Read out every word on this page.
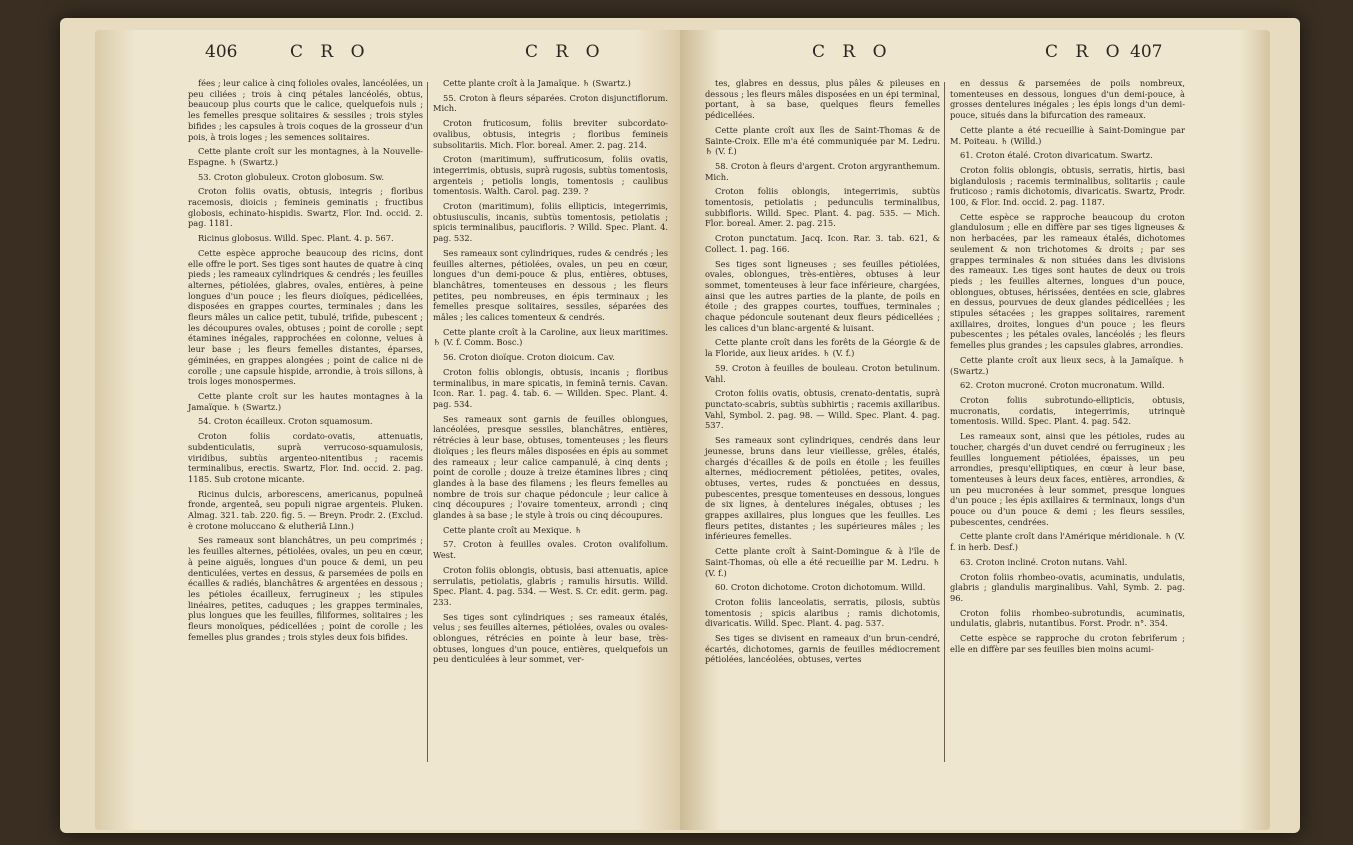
406	C R O	C R O	C R O	C R O 407

fées ; leur calice à cinq folioles ovales, lancéolées, un peu ciliées ; trois à cinq pétales lancéolés, obtus, beaucoup plus courts que le calice, quelquefois nuls ; les femelles presque solitaires & sessiles ; trois styles bifides ; les capsules à trois coques de la grosseur d'un pois, à trois loges ; les semences solitaires.

Cette plante croît sur les montagnes, à la Nouvelle-Espagne. ♄ (Swartz.)

53. Croton globuleux. Croton globosum. Sw.

Croton foliis ovatis, obtusis, integris ; floribus racemosis, dioicis ; femineis geminatis ; fructibus globosis, echinato-hispidis. Swartz, Flor. Ind. occid. 2. pag. 1181.

Ricinus globosus. Willd. Spec. Plant. 4. p. 567.

Cette espèce approche beaucoup des ricins, dont elle offre le port. Ses tiges sont hautes de quatre à cinq pieds ; les rameaux cylindriques & cendrés ; les feuilles alternes, pétiolées, glabres, ovales, entières, à peine longues d'un pouce ; les fleurs dioïques, pédicellées, disposées en grappes courtes, terminales ; dans les fleurs mâles un calice petit, tubulé, trifide, pubescent ; les découpures ovales, obtuses ; point de corolle ; sept étamines inégales, rapprochées en colonne, velues à leur base ; les fleurs femelles distantes, éparses, géminées, en grappes alongées ; point de calice ni de corolle ; une capsule hispide, arrondie, à trois sillons, à trois loges monospermes.

Cette plante croît sur les hautes montagnes à la Jamaïque. ♄ (Swartz.)

54. Croton écailleux. Croton squamosum.

Croton foliis cordato-ovatis, attenuatis, subdenticulatis, suprà verrucoso-squamulosis, viridibus, subtùs argenteo-nitentibus ; racemis terminalibus, erectis. Swartz, Flor. Ind. occid. 2. pag. 1185. Sub crotone micante.

Ricinus dulcis, arborescens, americanus, populneâ fronde, argenteâ, seu populi nigrae argenteis. Pluken. Almag. 321. tab. 220. fig. 5. — Breyn. Prodr. 2. (Exclud. è crotone moluccano & elutheriâ Linn.)

Ses rameaux sont blanchâtres, un peu comprimés ; les feuilles alternes, pétiolées, ovales, un peu en cœur, à peine aiguës, longues d'un pouce & demi, un peu denticulées, vertes en dessus, & parsemées de poils en écailles & radiés, blanchâtres & argentées en dessous ; les pétioles écailleux, ferrugineux ; les stipules linéaires, petites, caduques ; les grappes terminales, plus longues que les feuilles, filiformes, solitaires ; les fleurs monoïques, pédicellées ; point de corolle ; les femelles plus grandes ; trois styles deux fois bifides.

Cette plante croît à la Jamaïque. ♄ (Swartz.)

55. Croton à fleurs séparées. Croton disjunctiflorum. Mich.

Croton fruticosum, foliis breviter subcordato-ovalibus, obtusis, integris ; floribus femineis subsolitariis. Mich. Flor. boreal. Amer. 2. pag. 214.

Croton (maritimum), suffruticosum, foliis ovatis, integerrimis, obtusis, suprà rugosis, subtùs tomentosis, argenteis ; petiolis longis, tomentosis ; caulibus tomentosis. Walth. Carol. pag. 239. ?

Croton (maritimum), foliis ellipticis, integerrimis, obtusiusculis, incanis, subtùs tomentosis, petiolatis ; spicis terminalibus, paucifloris. ? Willd. Spec. Plant. 4. pag. 532.

Ses rameaux sont cylindriques, rudes & cendrés ; les feuilles alternes, pétiolées, ovales, un peu en cœur, longues d'un demi-pouce & plus, entières, obtuses, blanchâtres, tomenteuses en dessous ; les fleurs petites, peu nombreuses, en épis terminaux ; les femelles presque solitaires, sessiles, séparées des mâles ; les calices tomenteux & cendrés.

Cette plante croît à la Caroline, aux lieux maritimes. ♄ (V. f. Comm. Bosc.)

56. Croton dioïque. Croton dioicum. Cav.

Croton foliis oblongis, obtusis, incanis ; floribus terminalibus, in mare spicatis, in feminâ ternis. Cavan. Icon. Rar. 1. pag. 4. tab. 6. — Willden. Spec. Plant. 4. pag. 534.

Ses rameaux sont garnis de feuilles oblongues, lancéolées, presque sessiles, blanchâtres, entières, rétrécies à leur base, obtuses, tomenteuses ; les fleurs dioïques ; les fleurs mâles disposées en épis au sommet des rameaux ; leur calice campanulé, à cinq dents ; point de corolle ; douze à treize étamines libres ; cinq glandes à la base des filamens ; les fleurs femelles au nombre de trois sur chaque pédoncule ; leur calice à cinq découpures ; l'ovaire tomenteux, arrondi ; cinq glandes à sa base ; le style à trois ou cinq découpures.

Cette plante croît au Mexique. ♄

57. Croton à feuilles ovales. Croton ovalifolium. West.

Croton foliis oblongis, obtusis, basi attenuatis, apice serrulatis, petiolatis, glabris ; ramulis hirsutis. Willd. Spec. Plant. 4. pag. 534. — West. S. Cr. edit. germ. pag. 233.

Ses tiges sont cylindriques ; ses rameaux étalés, velus ; ses feuilles alternes, pétiolées, ovales ou ovales-oblongues, rétrécies en pointe à leur base, très-obtuses, longues d'un pouce, entières, quelquefois un peu denticulées à leur sommet, ver-

tes, glabres en dessus, plus pâles & pileuses en dessous ; les fleurs mâles disposées en un épi terminal, portant, à sa base, quelques fleurs femelles pédicellées.

Cette plante croît aux îles de Saint-Thomas & de Sainte-Croix. Elle m'a été communiquée par M. Ledru. ♄ (V. f.)

58. Croton à fleurs d'argent. Croton argyranthemum. Mich.

Croton foliis oblongis, integerrimis, subtùs tomentosis, petiolatis ; pedunculis terminalibus, subbifloris. Willd. Spec. Plant. 4. pag. 535. — Mich. Flor. boreal. Amer. 2. pag. 215.

Croton punctatum. Jacq. Icon. Rar. 3. tab. 621, & Collect. 1. pag. 166.

Ses tiges sont ligneuses ; ses feuilles pétiolées, ovales, oblongues, très-entières, obtuses à leur sommet, tomenteuses à leur face inférieure, chargées, ainsi que les autres parties de la plante, de poils en étoile ; des grappes courtes, touffues, terminales ; chaque pédoncule soutenant deux fleurs pédicellées ; les calices d'un blanc-argenté & luisant.

Cette plante croît dans les forêts de la Géorgie & de la Floride, aux lieux arides. ♄ (V. f.)

59. Croton à feuilles de bouleau. Croton betulinum. Vahl.

Croton foliis ovatis, obtusis, crenato-dentatis, suprà punctato-scabris, subtùs subhirtis ; racemis axillaribus. Vahl, Symbol. 2. pag. 98. — Willd. Spec. Plant. 4. pag. 537.

Ses rameaux sont cylindriques, cendrés dans leur jeunesse, bruns dans leur vieillesse, grêles, étalés, chargés d'écailles & de poils en étoile ; les feuilles alternes, médiocrement pétiolées, petites, ovales, obtuses, vertes, rudes & ponctuées en dessus, pubescentes, presque tomenteuses en dessous, longues de six lignes, à dentelures inégales, obtuses ; les grappes axillaires, plus longues que les feuilles. Les fleurs petites, distantes ; les supérieures mâles ; les inférieures femelles.

Cette plante croît à Saint-Domingue & à l'île de Saint-Thomas, où elle a été recueillie par M. Ledru. ♄ (V. f.)

60. Croton dichotome. Croton dichotomum. Willd.

Croton foliis lanceolatis, serratis, pilosis, subtùs tomentosis ; spicis alaribus ; ramis dichotomis, divaricatis. Willd. Spec. Plant. 4. pag. 537.

Ses tiges se divisent en rameaux d'un brun-cendré, écartés, dichotomes, garnis de feuilles médiocrement pétiolées, lancéolées, obtuses, vertes

en dessus & parsemées de poils nombreux, tomenteuses en dessous, longues d'un demi-pouce, à grosses dentelures inégales ; les épis longs d'un demi-pouce, situés dans la bifurcation des rameaux.

Cette plante a été recueillie à Saint-Domingue par M. Poiteau. ♄ (Willd.)

61. Croton étalé. Croton divaricatum. Swartz.

Croton foliis oblongis, obtusis, serratis, hirtis, basi biglandulosis ; racemis terminalibus, solitariis ; caule fruticoso ; ramis dichotomis, divaricatis. Swartz, Prodr. 100, & Flor. Ind. occid. 2. pag. 1187.

Cette espèce se rapproche beaucoup du croton glandulosum ; elle en diffère par ses tiges ligneuses & non herbacées, par les rameaux étalés, dichotomes seulement & non trichotomes & droits ; par ses grappes terminales & non situées dans les divisions des rameaux. Les tiges sont hautes de deux ou trois pieds ; les feuilles alternes, longues d'un pouce, oblongues, obtuses, hérissées, dentées en scie, glabres en dessus, pourvues de deux glandes pédicellées ; les stipules sétacées ; les grappes solitaires, rarement axillaires, droites, longues d'un pouce ; les fleurs pubescentes ; les pétales ovales, lancéolés ; les fleurs femelles plus grandes ; les capsules glabres, arrondies.

Cette plante croît aux lieux secs, à la Jamaïque. ♄ (Swartz.)

62. Croton mucroné. Croton mucronatum. Willd.

Croton foliis subrotundo-ellipticis, obtusis, mucronatis, cordatis, integerrimis, utrinquè tomentosis. Willd. Spec. Plant. 4. pag. 542.

Les rameaux sont, ainsi que les pétioles, rudes au toucher, chargés d'un duvet cendré ou ferrugineux ; les feuilles longuement pétiolées, épaisses, un peu arrondies, presqu'elliptiques, en cœur à leur base, tomenteuses à leurs deux faces, entières, arrondies, & un peu mucronées à leur sommet, presque longues d'un pouce ; les épis axillaires & terminaux, longs d'un pouce ou d'un pouce & demi ; les fleurs sessiles, pubescentes, cendrées.

Cette plante croît dans l'Amérique méridionale. ♄ (V. f. in herb. Desf.)

63. Croton incliné. Croton nutans. Vahl.

Croton foliis rhombeo-ovatis, acuminatis, undulatis, glabris ; glandulis marginalibus. Vahl, Symb. 2. pag. 96.

Croton foliis rhombeo-subrotundis, acuminatis, undulatis, glabris, nutantibus. Forst. Prodr. n°. 354.

Cette espèce se rapproche du croton febriferum ; elle en diffère par ses feuilles bien moins acumi-
